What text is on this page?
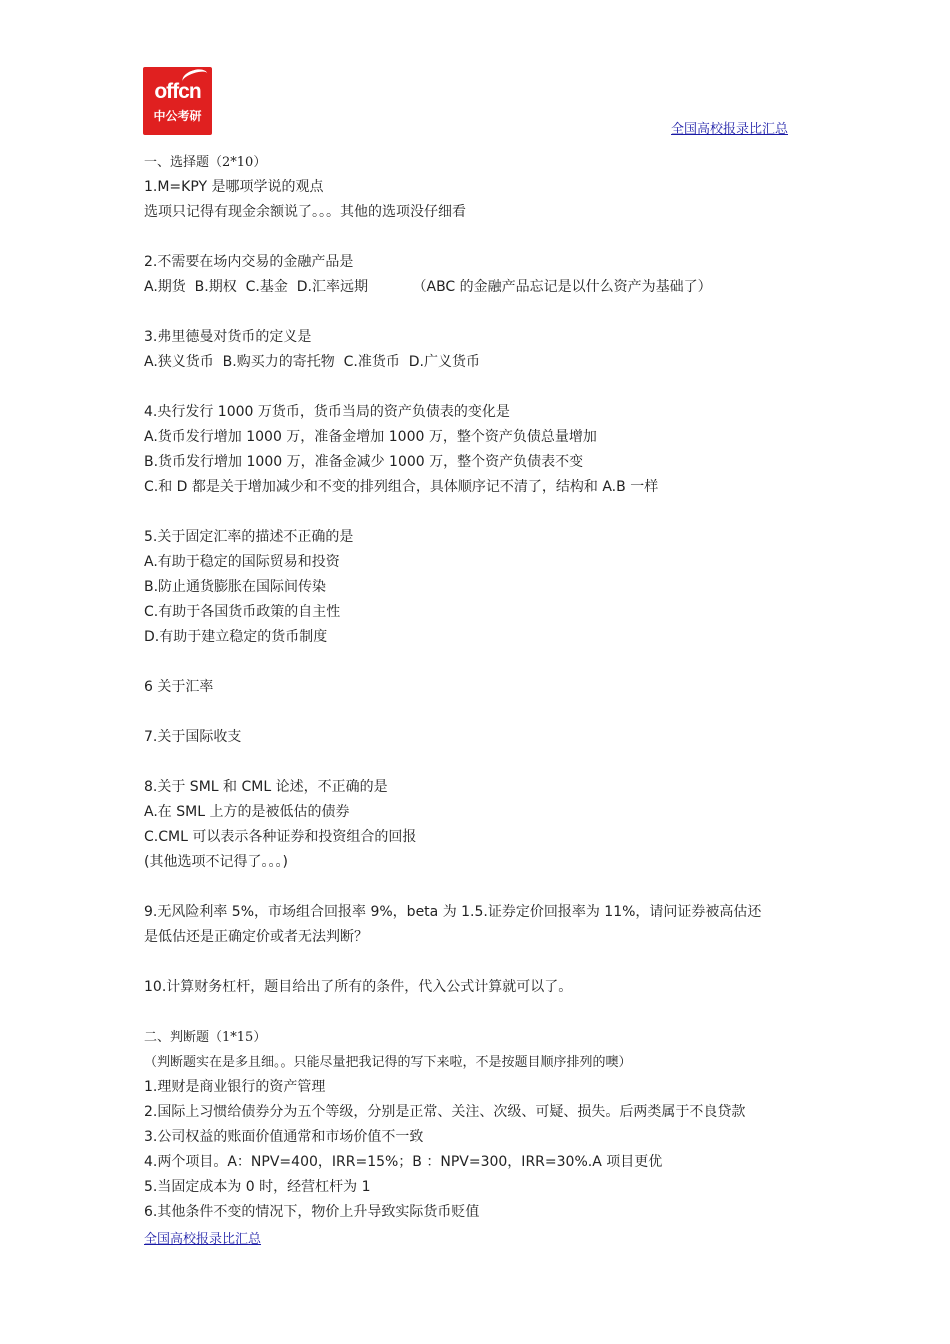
offcn
中公考研
全国高校报录比汇总
一、选择题（2*10）
1.M=KPY 是哪项学说的观点
选项只记得有现金余额说了。。。其他的选项没仔细看
2.不需要在场内交易的金融产品是
A.期货  B.期权  C.基金  D.汇率远期          （ABC 的金融产品忘记是以什么资产为基础了）
3.弗里德曼对货币的定义是
A.狭义货币  B.购买力的寄托物  C.准货币  D.广义货币
4.央行发行 1000 万货币，货币当局的资产负债表的变化是
A.货币发行增加 1000 万，准备金增加 1000 万，整个资产负债总量增加
B.货币发行增加 1000 万，准备金减少 1000 万，整个资产负债表不变
C.和 D 都是关于增加减少和不变的排列组合，具体顺序记不清了，结构和 A.B 一样
5.关于固定汇率的描述不正确的是
A.有助于稳定的国际贸易和投资
B.防止通货膨胀在国际间传染
C.有助于各国货币政策的自主性
D.有助于建立稳定的货币制度
6 关于汇率
7.关于国际收支
8.关于 SML 和 CML 论述，不正确的是
A.在 SML 上方的是被低估的债券
C.CML 可以表示各种证券和投资组合的回报
(其他选项不记得了。。。)
9.无风险利率 5%，市场组合回报率 9%，beta 为 1.5.证券定价回报率为 11%，请问证券被高估还
是低估还是正确定价或者无法判断？
10.计算财务杠杆，题目给出了所有的条件，代入公式计算就可以了。
二、判断题（1*15）
（判断题实在是多且细。。只能尽量把我记得的写下来啦，不是按题目顺序排列的噢）
1.理财是商业银行的资产管理
2.国际上习惯给债券分为五个等级，分别是正常、关注、次级、可疑、损失。后两类属于不良贷款
3.公司权益的账面价值通常和市场价值不一致
4.两个项目。A：NPV=400，IRR=15%；B ：NPV=300，IRR=30%.A 项目更优
5.当固定成本为 0 时，经营杠杆为 1
6.其他条件不变的情况下，物价上升导致实际货币贬值
全国高校报录比汇总
